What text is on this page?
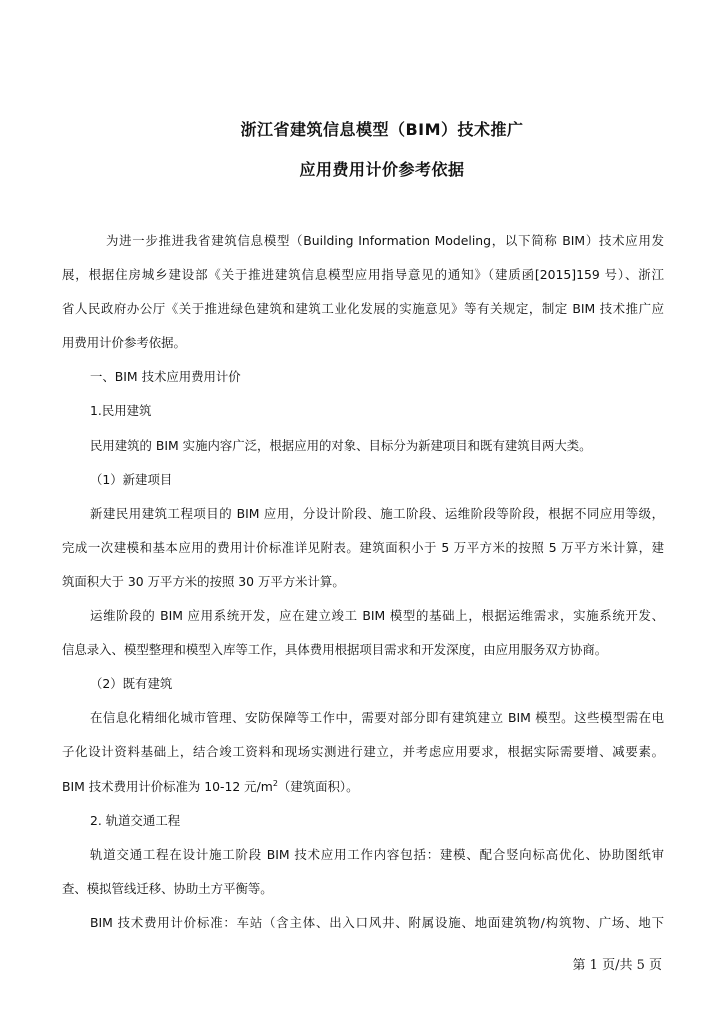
浙江省建筑信息模型（BIM）技术推广
应用费用计价参考依据
为进一步推进我省建筑信息模型（Building Information Modeling，以下简称 BIM）技术应用发
展，根据住房城乡建设部《关于推进建筑信息模型应用指导意见的通知》（建质函[2015]159 号）、浙江
省人民政府办公厅《关于推进绿色建筑和建筑工业化发展的实施意见》等有关规定，制定 BIM 技术推广应
用费用计价参考依据。
一、BIM 技术应用费用计价
1.民用建筑
民用建筑的 BIM 实施内容广泛，根据应用的对象、目标分为新建项目和既有建筑目两大类。
（1）新建项目
新建民用建筑工程项目的 BIM 应用，分设计阶段、施工阶段、运维阶段等阶段，根据不同应用等级，
完成一次建模和基本应用的费用计价标准详见附表。建筑面积小于 5 万平方米的按照 5 万平方米计算，建
筑面积大于 30 万平方米的按照 30 万平方米计算。
运维阶段的 BIM 应用系统开发，应在建立竣工 BIM 模型的基础上，根据运维需求，实施系统开发、
信息录入、模型整理和模型入库等工作，具体费用根据项目需求和开发深度，由应用服务双方协商。
（2）既有建筑
在信息化精细化城市管理、安防保障等工作中，需要对部分即有建筑建立 BIM 模型。这些模型需在电
子化设计资料基础上，结合竣工资料和现场实测进行建立，并考虑应用要求，根据实际需要增、减要素。
BIM 技术费用计价标准为 10-12 元$/m^2$（建筑面积）。
2. 轨道交通工程
轨道交通工程在设计施工阶段 BIM 技术应用工作内容包括：建模、配合竖向标高优化、协助图纸审
查、模拟管线迁移、协助土方平衡等。
BIM 技术费用计价标准：车站（含主体、出入口风井、附属设施、地面建筑物/构筑物、广场、地下
第 1 页/共 5 页
